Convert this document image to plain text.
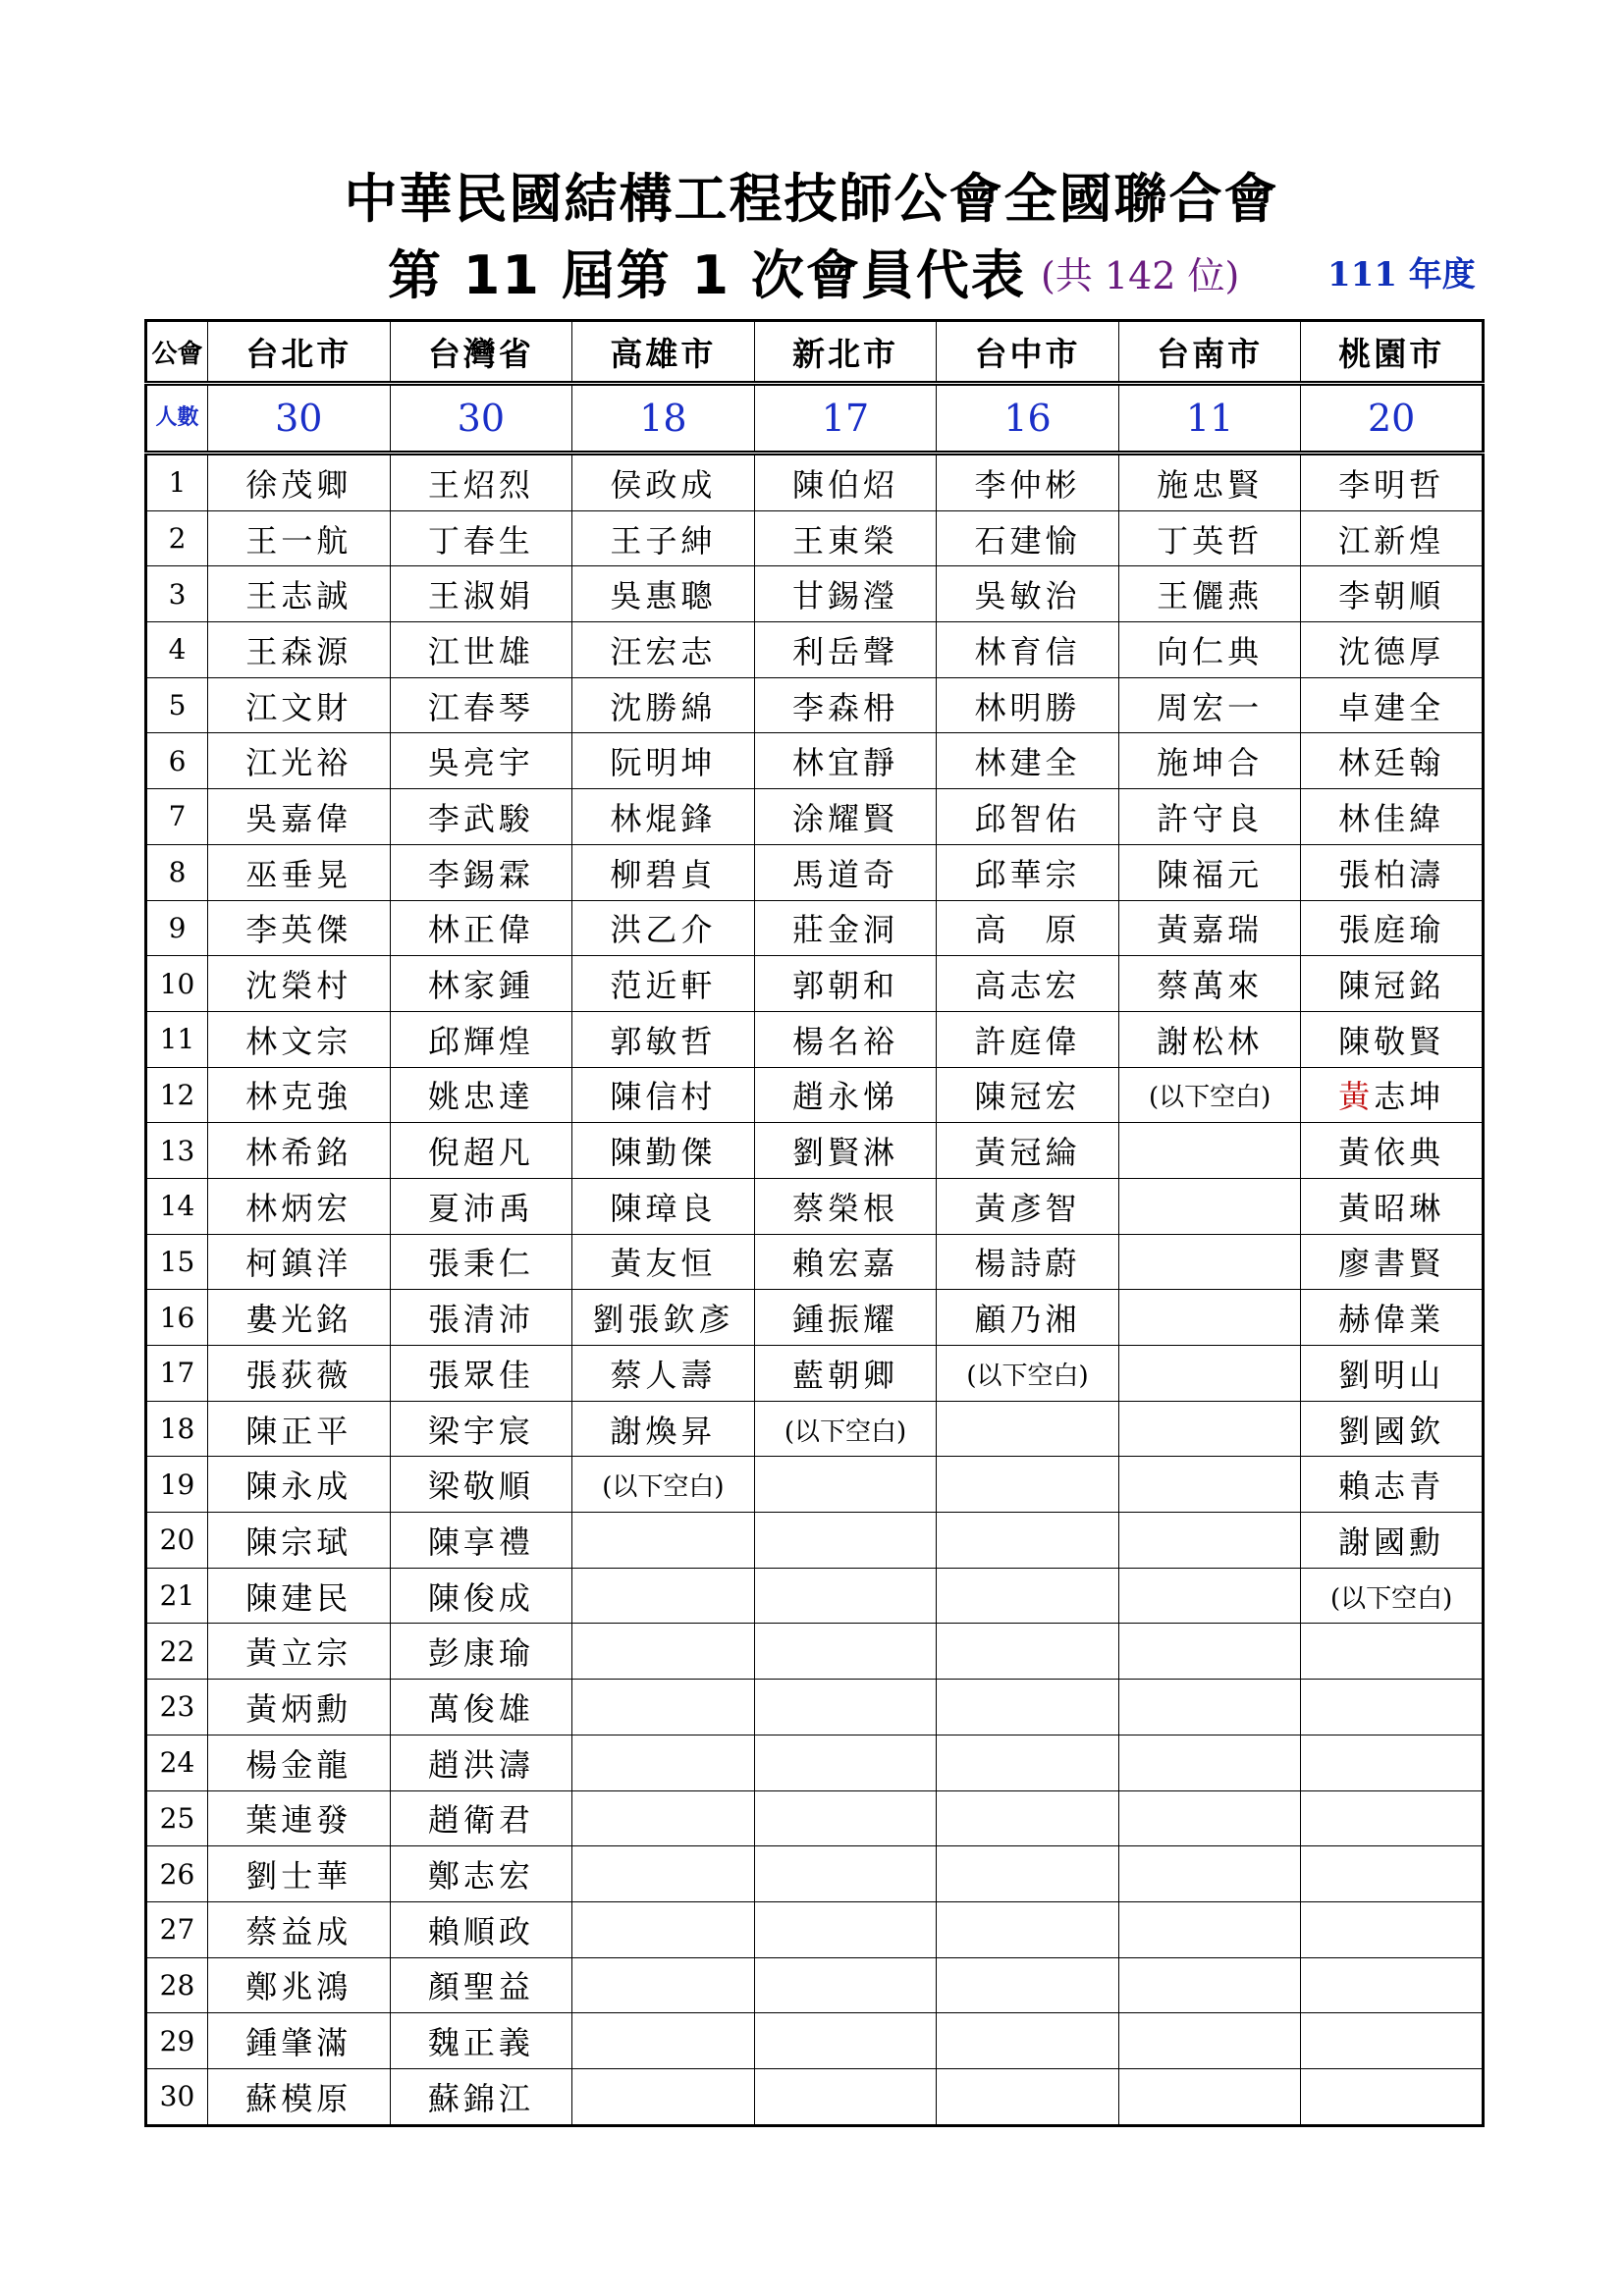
中華民國結構工程技師公會全國聯合會
第 11 屆第 1 次會員代表 (共 142 位)	111 年度
公會	台北市	台灣省	高雄市	新北市	台中市	台南市	桃園市
人數	30	30	18	17	16	11	20
1	徐茂卿	王炤烈	侯政成	陳伯炤	李仲彬	施忠賢	李明哲
2	王一航	丁春生	王子紳	王東榮	石建愉	丁英哲	江新煌
3	王志誠	王淑娟	吳惠聰	甘錫瀅	吳敏治	王儷燕	李朝順
4	王森源	江世雄	汪宏志	利岳聲	林育信	向仁典	沈德厚
5	江文財	江春琴	沈勝綿	李森枏	林明勝	周宏一	卓建全
6	江光裕	吳亮宇	阮明坤	林宜靜	林建全	施坤合	林廷翰
7	吳嘉偉	李武駿	林焜鋒	涂耀賢	邱智佑	許守良	林佳緯
8	巫垂晃	李錫霖	柳碧貞	馬道奇	邱華宗	陳福元	張柏濤
9	李英傑	林正偉	洪乙介	莊金洞	高　原	黃嘉瑞	張庭瑜
10	沈榮村	林家鍾	范近軒	郭朝和	高志宏	蔡萬來	陳冠銘
11	林文宗	邱輝煌	郭敏哲	楊名裕	許庭偉	謝松林	陳敬賢
12	林克強	姚忠達	陳信村	趙永悌	陳冠宏	(以下空白)	黃志坤
13	林希銘	倪超凡	陳勤傑	劉賢淋	黃冠綸		黃依典
14	林炳宏	夏沛禹	陳璋良	蔡榮根	黃彥智		黃昭琳
15	柯鎮洋	張秉仁	黃友恒	賴宏嘉	楊詩蔚		廖書賢
16	婁光銘	張清沛	劉張欽彥	鍾振耀	顧乃湘		赫偉業
17	張荻薇	張眾佳	蔡人壽	藍朝卿	(以下空白)		劉明山
18	陳正平	梁宇宸	謝煥昇	(以下空白)			劉國欽
19	陳永成	梁敬順	(以下空白)				賴志青
20	陳宗珷	陳享禮					謝國勳
21	陳建民	陳俊成					(以下空白)
22	黃立宗	彭康瑜					
23	黃炳勳	萬俊雄					
24	楊金龍	趙洪濤					
25	葉連發	趙衛君					
26	劉士華	鄭志宏					
27	蔡益成	賴順政					
28	鄭兆鴻	顏聖益					
29	鍾肇滿	魏正義					
30	蘇模原	蘇錦江					
